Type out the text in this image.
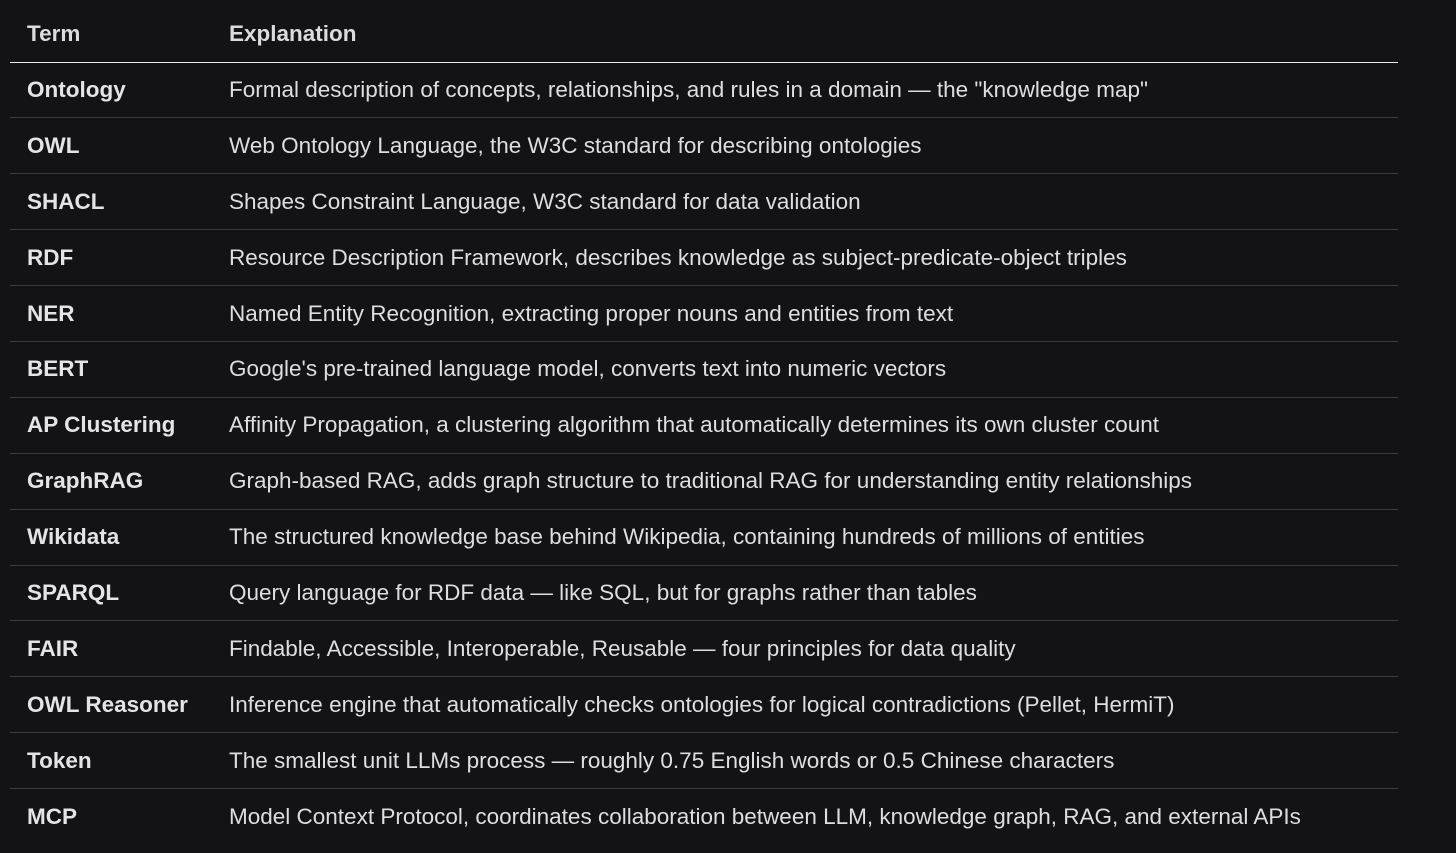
Term	Explanation
Ontology	Formal description of concepts, relationships, and rules in a domain — the "knowledge map"
OWL	Web Ontology Language, the W3C standard for describing ontologies
SHACL	Shapes Constraint Language, W3C standard for data validation
RDF	Resource Description Framework, describes knowledge as subject-predicate-object triples
NER	Named Entity Recognition, extracting proper nouns and entities from text
BERT	Google's pre-trained language model, converts text into numeric vectors
AP Clustering	Affinity Propagation, a clustering algorithm that automatically determines its own cluster count
GraphRAG	Graph-based RAG, adds graph structure to traditional RAG for understanding entity relationships
Wikidata	The structured knowledge base behind Wikipedia, containing hundreds of millions of entities
SPARQL	Query language for RDF data — like SQL, but for graphs rather than tables
FAIR	Findable, Accessible, Interoperable, Reusable — four principles for data quality
OWL Reasoner	Inference engine that automatically checks ontologies for logical contradictions (Pellet, HermiT)
Token	The smallest unit LLMs process — roughly 0.75 English words or 0.5 Chinese characters
MCP	Model Context Protocol, coordinates collaboration between LLM, knowledge graph, RAG, and external APIs
